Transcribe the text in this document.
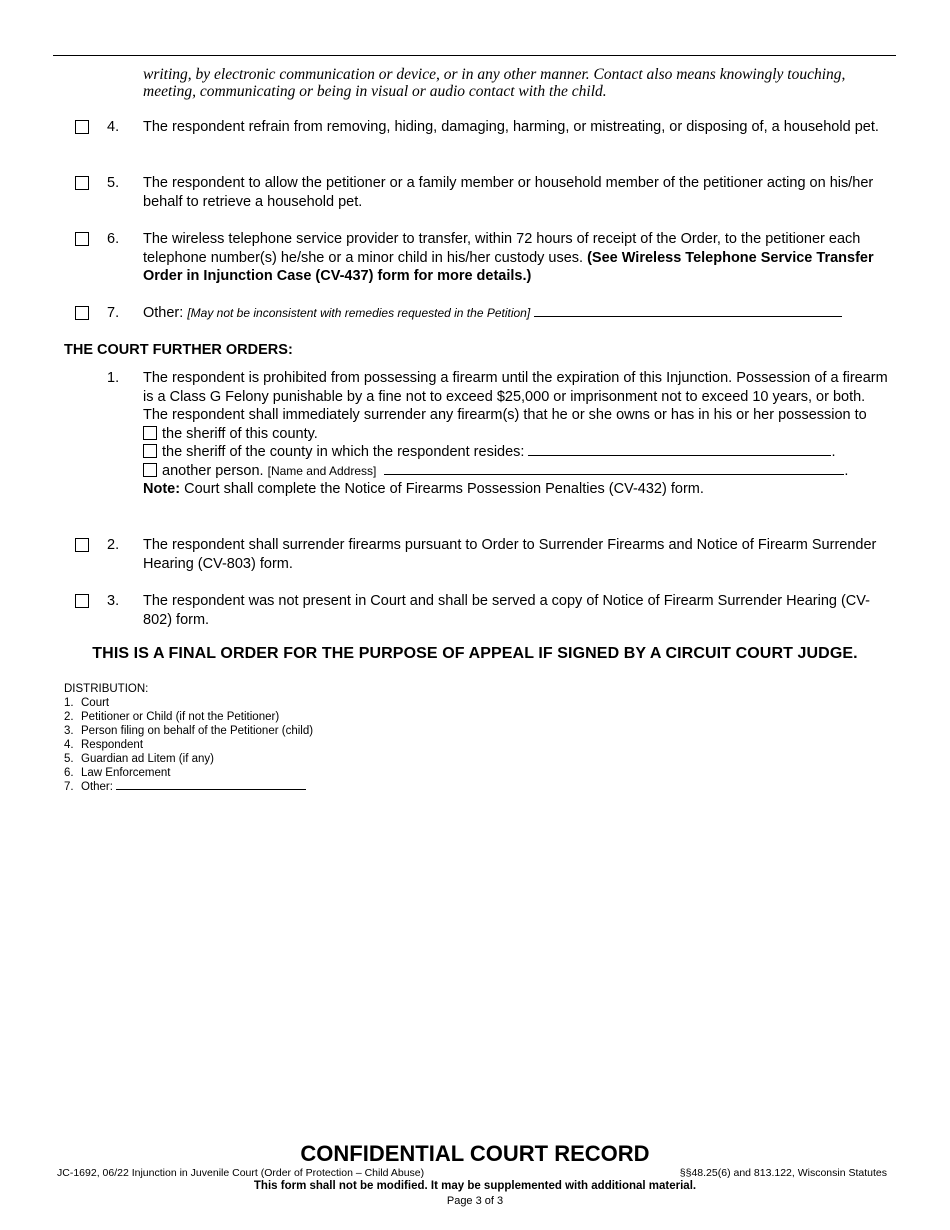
writing, by electronic communication or device, or in any other manner. Contact also means knowingly touching, meeting, communicating or being in visual or audio contact with the child.
4. The respondent refrain from removing, hiding, damaging, harming, or mistreating, or disposing of, a household pet.
5. The respondent to allow the petitioner or a family member or household member of the petitioner acting on his/her behalf to retrieve a household pet.
6. The wireless telephone service provider to transfer, within 72 hours of receipt of the Order, to the petitioner each telephone number(s) he/she or a minor child in his/her custody uses. (See Wireless Telephone Service Transfer Order in Injunction Case (CV-437) form for more details.)
7. Other: [May not be inconsistent with remedies requested in the Petition]
THE COURT FURTHER ORDERS:
1. The respondent is prohibited from possessing a firearm until the expiration of this Injunction. Possession of a firearm is a Class G Felony punishable by a fine not to exceed $25,000 or imprisonment not to exceed 10 years, or both. The respondent shall immediately surrender any firearm(s) that he or she owns or has in his or her possession to
the sheriff of this county.
the sheriff of the county in which the respondent resides:	.
another person. [Name and Address]	.
Note: Court shall complete the Notice of Firearms Possession Penalties (CV-432) form.
2. The respondent shall surrender firearms pursuant to Order to Surrender Firearms and Notice of Firearm Surrender Hearing (CV-803) form.
3. The respondent was not present in Court and shall be served a copy of Notice of Firearm Surrender Hearing (CV-802) form.
THIS IS A FINAL ORDER FOR THE PURPOSE OF APPEAL IF SIGNED BY A CIRCUIT COURT JUDGE.
DISTRIBUTION:
1. Court
2. Petitioner or Child (if not the Petitioner)
3. Person filing on behalf of the Petitioner (child)
4. Respondent
5. Guardian ad Litem (if any)
6. Law Enforcement
7. Other:
CONFIDENTIAL COURT RECORD
JC-1692, 06/22 Injunction in Juvenile Court (Order of Protection – Child Abuse)	§§48.25(6) and 813.122, Wisconsin Statutes
This form shall not be modified. It may be supplemented with additional material.
Page 3 of 3
